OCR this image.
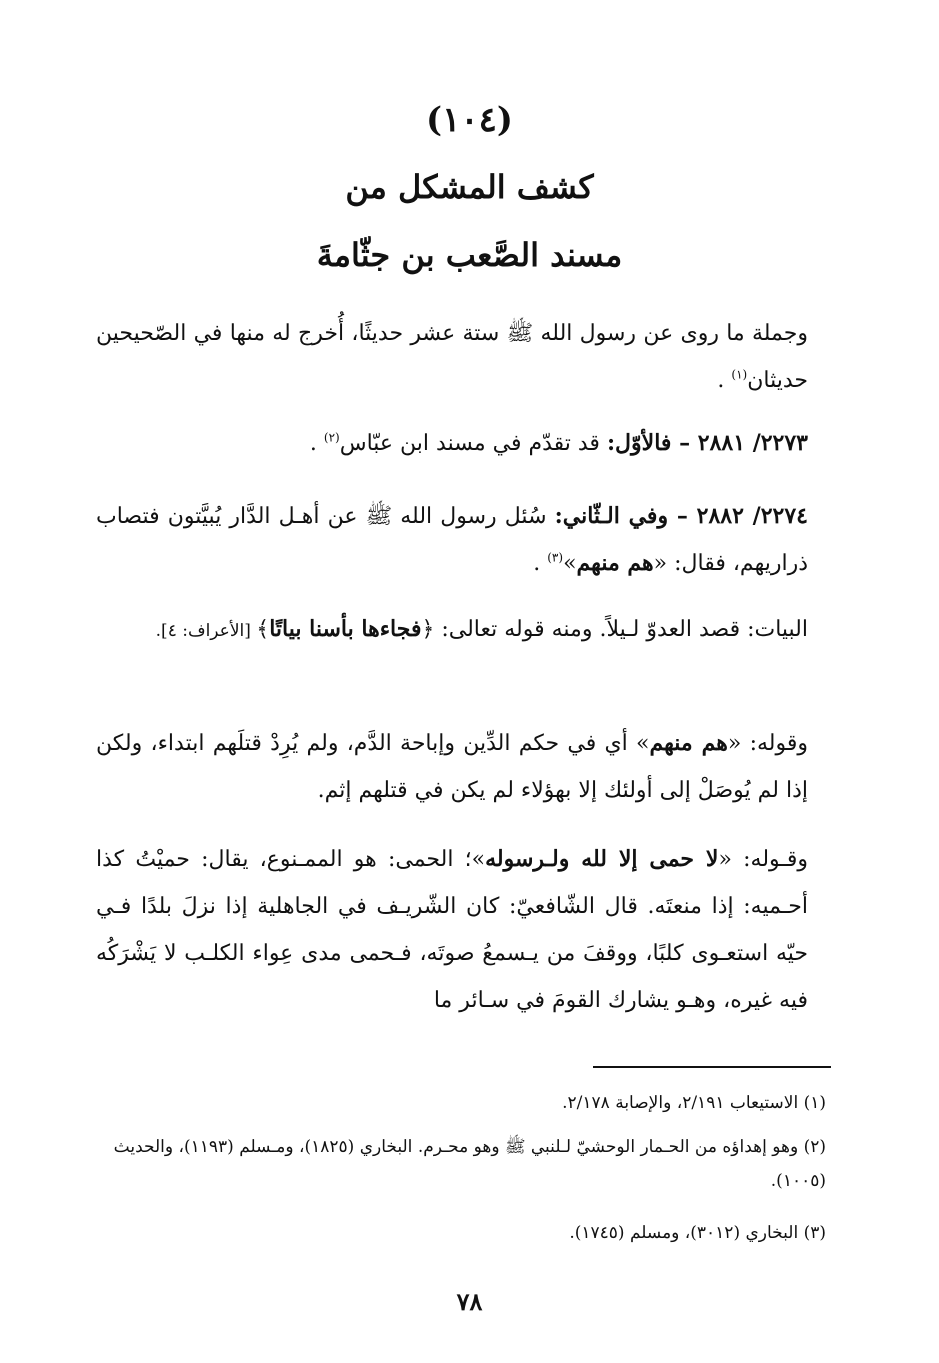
(١٠٤)
كشف المشكل من
مسند الصَّعب بن جثّامةَ

وجملة ما روى عن رسول الله ﷺ ستة عشر حديثًا، أُخرج له منها في الصّحيحين حديثان$^{(١)}$ .

٢٢٧٣/ ٢٨٨١ – فالأوّل: قد تقدّم في مسند ابن عبّاس$^{(٢)}$ .

٢٢٧٤/ ٢٨٨٢ – وفي الـثّاني: سُئل رسول الله ﷺ عن أهـل الدَّار يُبيَّتون فتصاب ذراريهم، فقال: «هم منهم»$^{(٣)}$ .

البيات: قصد العدوّ لـيلاً. ومنه قوله تعالى: ﴿فجاءها بأسنا بياتًا﴾ [الأعراف: ٤].

وقوله: «هم منهم» أي في حكم الدِّين وإباحة الدَّم، ولم يُرِدْ قتلَهم ابتداء، ولكن إذا لم يُوصَلْ إلى أولئك إلا بهؤلاء لم يكن في قتلهم إثم.

وقـوله: «لا حمى إلا لله ولـرسوله»؛ الحمى: هو الممـنوع، يقال: حميْتُ كذا أحـميه: إذا منعتَه. قال الشّافعيّ: كان الشّريـف في الجاهلية إذا نزلَ بلدًا فـي حيّه استعـوى كلبًا، ووقفَ من يـسمعُ صوتَه، فـحمى مدى عِواء الكلـب لا يَشْرَكُه فيه غيره، وهـو يشارك القومَ في سـائر ما

(١) الاستيعاب ٢/١٩١، والإصابة ٢/١٧٨.

(٢) وهو إهداؤه من الحـمار الوحشيّ لـلنبي ﷺ وهو محـرم. البخاري (١٨٢٥)، ومـسلم (١١٩٣)، والحديث (١٠٠٥).

(٣) البخاري (٣٠١٢)، ومسلم (١٧٤٥).

٧٨
